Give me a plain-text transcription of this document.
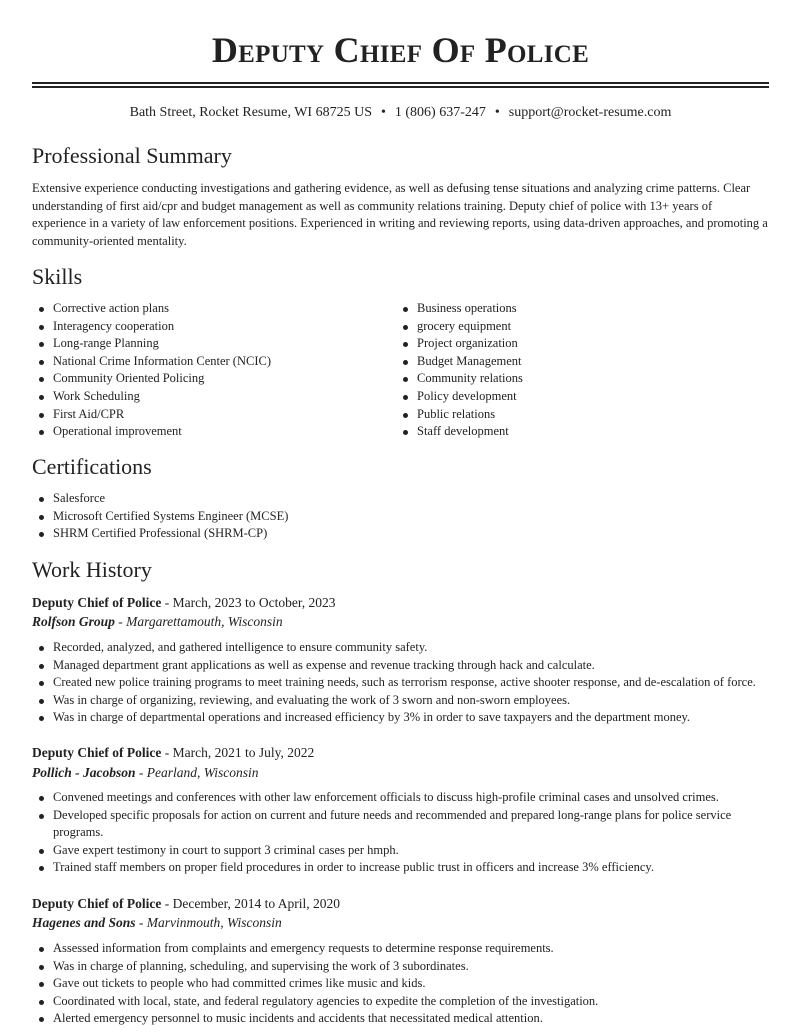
Deputy Chief Of Police
Bath Street, Rocket Resume, WI 68725 US • 1 (806) 637-247 • support@rocket-resume.com
Professional Summary

Extensive experience conducting investigations and gathering evidence, as well as defusing tense situations and analyzing crime patterns. Clear understanding of first aid/cpr and budget management as well as community relations training. Deputy chief of police with 13+ years of experience in a variety of law enforcement positions. Experienced in writing and reviewing reports, using data-driven approaches, and promoting a community-oriented mentality.

Skills
Corrective action plans
Interagency cooperation
Long-range Planning
National Crime Information Center (NCIC)
Community Oriented Policing
Work Scheduling
First Aid/CPR
Operational improvement
Business operations
grocery equipment
Project organization
Budget Management
Community relations
Policy development
Public relations
Staff development
Certifications
Salesforce
Microsoft Certified Systems Engineer (MCSE)
SHRM Certified Professional (SHRM-CP)
Work History
Deputy Chief of Police - March, 2023 to October, 2023
Rolfson Group - Margarettamouth, Wisconsin
Recorded, analyzed, and gathered intelligence to ensure community safety.
Managed department grant applications as well as expense and revenue tracking through hack and calculate.
Created new police training programs to meet training needs, such as terrorism response, active shooter response, and de-escalation of force.
Was in charge of organizing, reviewing, and evaluating the work of 3 sworn and non-sworn employees.
Was in charge of departmental operations and increased efficiency by 3% in order to save taxpayers and the department money.
Deputy Chief of Police - March, 2021 to July, 2022
Pollich - Jacobson - Pearland, Wisconsin
Convened meetings and conferences with other law enforcement officials to discuss high-profile criminal cases and unsolved crimes.
Developed specific proposals for action on current and future needs and recommended and prepared long-range plans for police service programs.
Gave expert testimony in court to support 3 criminal cases per hmph.
Trained staff members on proper field procedures in order to increase public trust in officers and increase 3% efficiency.
Deputy Chief of Police - December, 2014 to April, 2020
Hagenes and Sons - Marvinmouth, Wisconsin
Assessed information from complaints and emergency requests to determine response requirements.
Was in charge of planning, scheduling, and supervising the work of 3 subordinates.
Gave out tickets to people who had committed crimes like music and kids.
Coordinated with local, state, and federal regulatory agencies to expedite the completion of the investigation.
Alerted emergency personnel to music incidents and accidents that necessitated medical attention.
